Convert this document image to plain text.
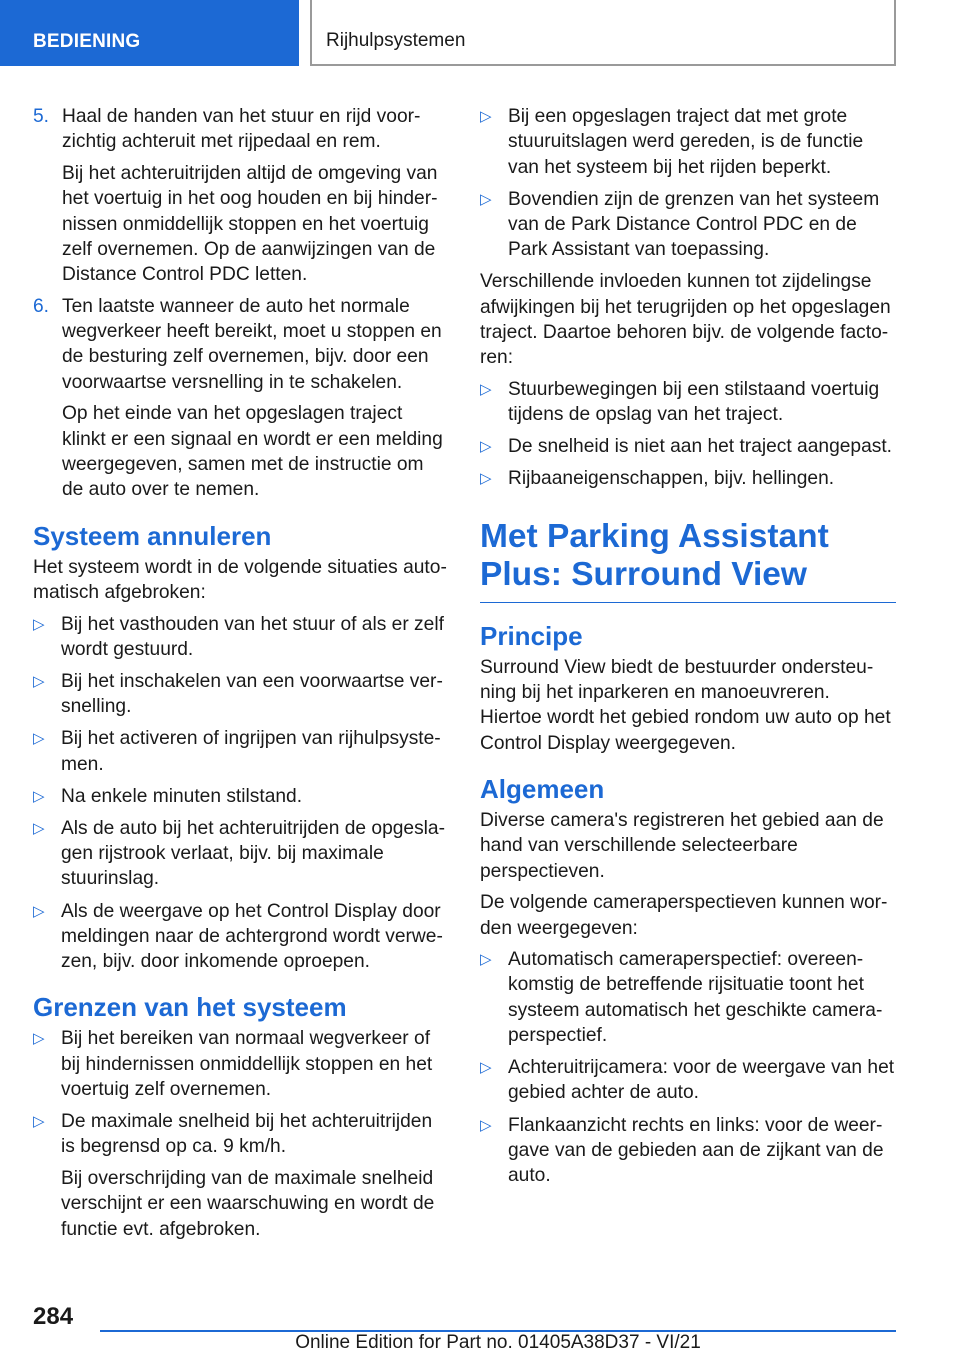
BEDIENING	Rijhulpsystemen
5. Haal de handen van het stuur en rijd voorzichtig achteruit met rijpedaal en rem.
Bij het achteruitrijden altijd de omgeving van het voertuig in het oog houden en bij hindernissen onmiddellijk stoppen en het voertuig zelf overnemen. Op de aanwijzingen van de Distance Control PDC letten.
6. Ten laatste wanneer de auto het normale wegverkeer heeft bereikt, moet u stoppen en de besturing zelf overnemen, bijv. door een voorwaartse versnelling in te schakelen.
Op het einde van het opgeslagen traject klinkt er een signaal en wordt er een melding weergegeven, samen met de instructie om de auto over te nemen.
Systeem annuleren
Het systeem wordt in de volgende situaties automatisch afgebroken:
▷ Bij het vasthouden van het stuur of als er zelf wordt gestuurd.
▷ Bij het inschakelen van een voorwaartse versnelling.
▷ Bij het activeren of ingrijpen van rijhulpsystemen.
▷ Na enkele minuten stilstand.
▷ Als de auto bij het achteruitrijden de opgeslagen rijstrook verlaat, bijv. bij maximale stuurinslag.
▷ Als de weergave op het Control Display door meldingen naar de achtergrond wordt verwezen, bijv. door inkomende oproepen.
Grenzen van het systeem
▷ Bij het bereiken van normaal wegverkeer of bij hindernissen onmiddellijk stoppen en het voertuig zelf overnemen.
▷ De maximale snelheid bij het achteruitrijden is begrensd op ca. 9 km/h.
Bij overschrijding van de maximale snelheid verschijnt er een waarschuwing en wordt de functie evt. afgebroken.
▷ Bij een opgeslagen traject dat met grote stuuruitslagen werd gereden, is de functie van het systeem bij het rijden beperkt.
▷ Bovendien zijn de grenzen van het systeem van de Park Distance Control PDC en de Park Assistant van toepassing.
Verschillende invloeden kunnen tot zijdelingse afwijkingen bij het terugrijden op het opgeslagen traject. Daartoe behoren bijv. de volgende factoren:
▷ Stuurbewegingen bij een stilstaand voertuig tijdens de opslag van het traject.
▷ De snelheid is niet aan het traject aangepast.
▷ Rijbaaneigenschappen, bijv. hellingen.
Met Parking Assistant Plus: Surround View
Principe
Surround View biedt de bestuurder ondersteuning bij het inparkeren en manoeuvreren. Hiertoe wordt het gebied rondom uw auto op het Control Display weergegeven.
Algemeen
Diverse camera's registreren het gebied aan de hand van verschillende selecteerbare perspectieven.
De volgende cameraperspectieven kunnen worden weergegeven:
▷ Automatisch cameraperspectief: overeenkomstig de betreffende rijsituatie toont het systeem automatisch het geschikte cameraperspectief.
▷ Achteruitrijcamera: voor de weergave van het gebied achter de auto.
▷ Flankaanzicht rechts en links: voor de weergave van de gebieden aan de zijkant van de auto.
284
Online Edition for Part no. 01405A38D37 - VI/21
